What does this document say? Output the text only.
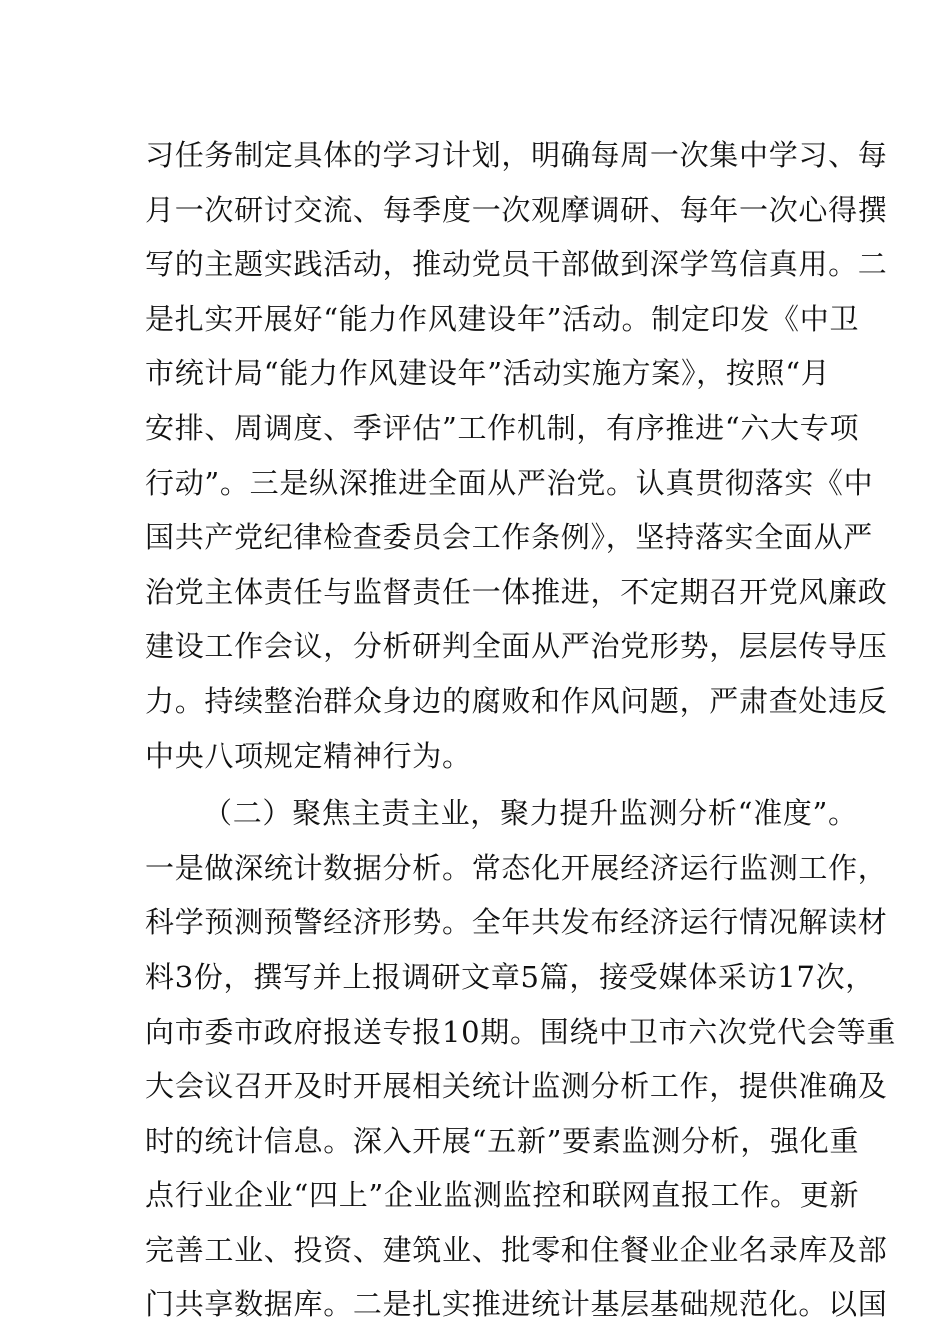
习任务制定具体的学习计划，明确每周一次集中学习、每
月一次研讨交流、每季度一次观摩调研、每年一次心得撰
写的主题实践活动，推动党员干部做到深学笃信真用。二
是扎实开展好“能力作风建设年”活动。制定印发《中卫
市统计局“能力作风建设年”活动实施方案》，按照“月
安排、周调度、季评估”工作机制，有序推进“六大专项
行动”。三是纵深推进全面从严治党。认真贯彻落实《中
国共产党纪律检查委员会工作条例》，坚持落实全面从严
治党主体责任与监督责任一体推进，不定期召开党风廉政
建设工作会议，分析研判全面从严治党形势，层层传导压
力。持续整治群众身边的腐败和作风问题，严肃查处违反
中央八项规定精神行为。
（二）聚焦主责主业，聚力提升监测分析“准度”。
一是做深统计数据分析。常态化开展经济运行监测工作，
科学预测预警经济形势。全年共发布经济运行情况解读材
料3份，撰写并上报调研文章5篇，接受媒体采访17次，
向市委市政府报送专报10期。围绕中卫市六次党代会等重
大会议召开及时开展相关统计监测分析工作，提供准确及
时的统计信息。深入开展“五新”要素监测分析，强化重
点行业企业“四上”企业监测监控和联网直报工作。更新
完善工业、投资、建筑业、批零和住餐业企业名录库及部
门共享数据库。二是扎实推进统计基层基础规范化。以国
